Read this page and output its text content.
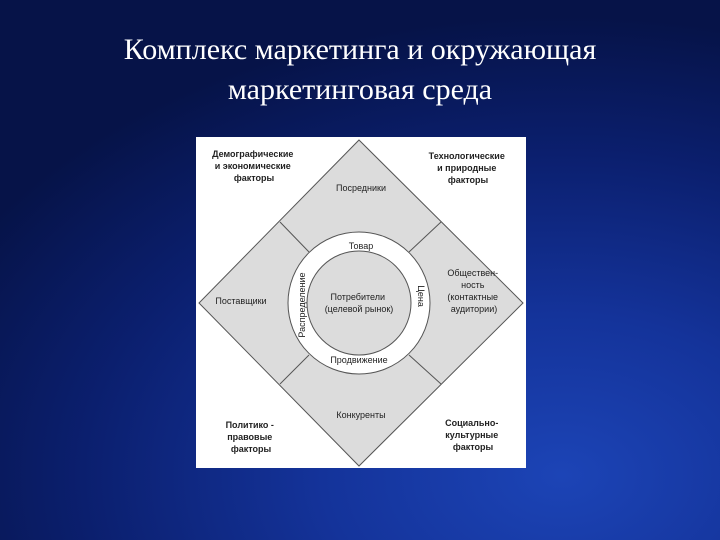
Комплекс маркетинга и окружающая
маркетинговая среда
Демографические и экономические факторы
Технологические и природные факторы
Политико - правовые факторы
Социально- культурные факторы
Посредники
Поставщики
Обществен- ность (контактные аудитории)
Конкуренты
Товар
Продвижение
Распределение	Цена
Потребители (целевой рынок)
